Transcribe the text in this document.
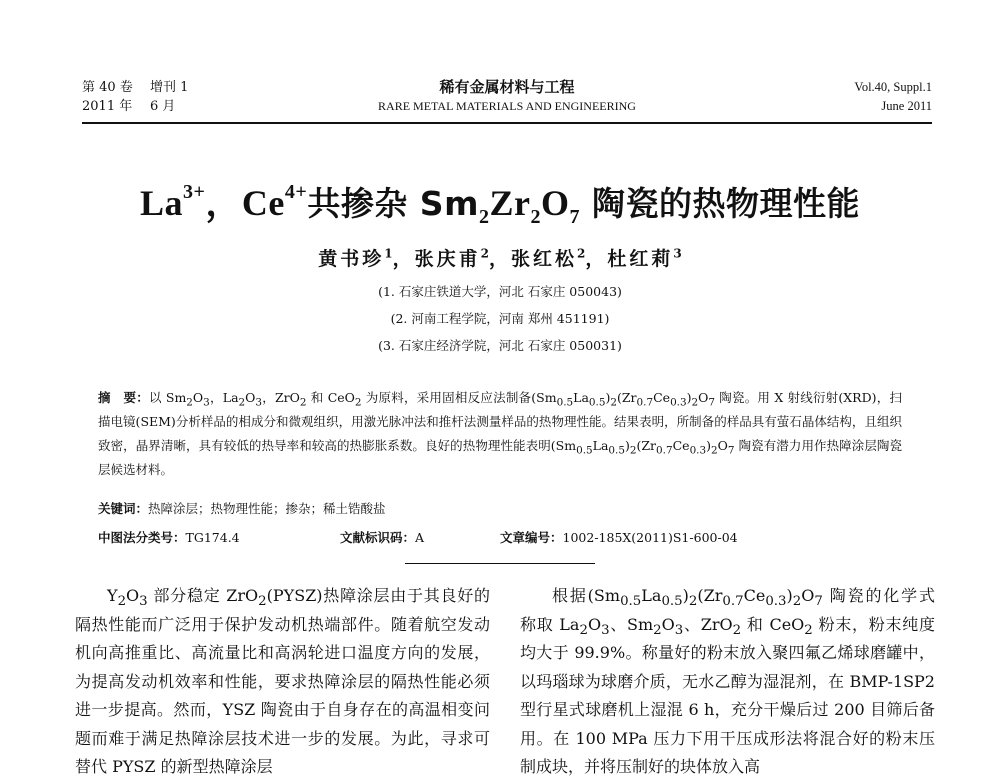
第 40 卷 增刊 1
2011 年 6 月
稀有金属材料与工程
RARE METAL MATERIALS AND ENGINEERING
Vol.40, Suppl.1
June 2011
$La^{3+}$，$Ce^{4+}$共掺杂 $Sm_2Zr_2O_7$ 陶瓷的热物理性能
黄书珍$^1$，张庆甫$^2$，张红松$^2$，杜红莉$^3$
(1. 石家庄铁道大学，河北 石家庄 050043)
(2. 河南工程学院，河南 郑州 451191)
(3. 石家庄经济学院，河北 石家庄 050031)
摘　要：以 $Sm_2O_3$，$La_2O_3$，ZrO$_2$ 和 CeO$_2$ 为原料，采用固相反应法制备$(Sm_{0.5}La_{0.5})_2(Zr_{0.7}Ce_{0.3})_2O_7$ 陶瓷。用 X 射线衍射(XRD)，扫描电镜(SEM)分析样品的相成分和微观组织，用激光脉冲法和推杆法测量样品的热物理性能。结果表明，所制备的样品具有萤石晶体结构，且组织致密，晶界清晰，具有较低的热导率和较高的热膨胀系数。良好的热物理性能表明$(Sm_{0.5}La_{0.5})_2(Zr_{0.7}Ce_{0.3})_2O_7$ 陶瓷有潜力用作热障涂层陶瓷层候选材料。
关键词：热障涂层；热物理性能；掺杂；稀土锆酸盐
中图法分类号：TG174.4	文献标识码：A	文章编号：1002-185X(2011)S1-600-04

$Y_2O_3$ 部分稳定 ZrO$_2$(PYSZ)热障涂层由于其良好的隔热性能而广泛用于保护发动机热端部件。随着航空发动机向高推重比、高流量比和高涡轮进口温度方向的发展，为提高发动机效率和性能，要求热障涂层的隔热性能必须进一步提高。然而，YSZ 陶瓷由于自身存在的高温相变问题而难于满足热障涂层技术进一步的发展。为此，寻求可替代 PYSZ 的新型热障涂层

根据$(Sm_{0.5}La_{0.5})_2(Zr_{0.7}Ce_{0.3})_2O_7$ 陶瓷的化学式称取 $La_2O_3$、$Sm_2O_3$、ZrO$_2$ 和 CeO$_2$ 粉末，粉末纯度均大于 99.9%。称量好的粉末放入聚四氟乙烯球磨罐中，以玛瑙球为球磨介质，无水乙醇为湿混剂，在 BMP-1SP2 型行星式球磨机上湿混 6 h，充分干燥后过 200 目筛后备用。在 100 MPa 压力下用干压成形法将混合好的粉末压制成块，并将压制好的块体放入高
